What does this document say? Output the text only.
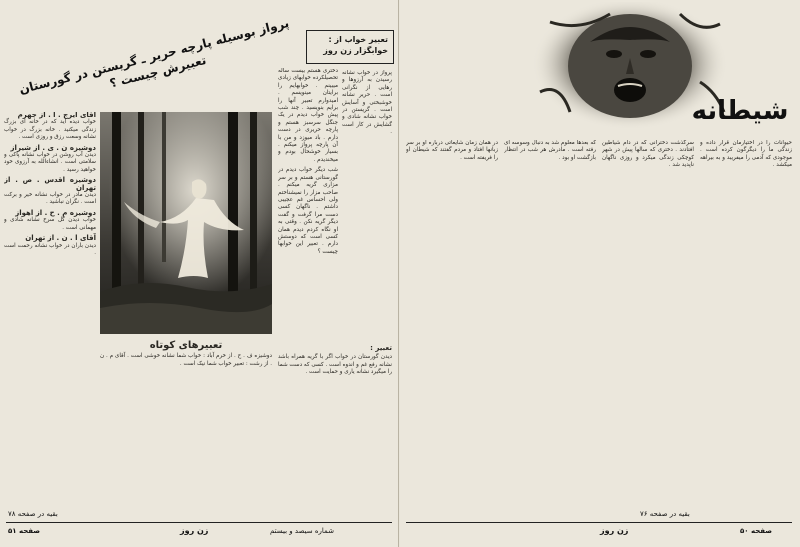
تعبیر خواب از :
خوابگزار زن روز
پرواز بوسیله پارچه حریر ـ گریستن در گورستان تعبیرش چیست ؟	دختری هستم بیست ساله تحصیلکرده خوابهای زیادی میبینم . خوابهایم را برایتان مینویسم . امیدوارم تعبیر آنها را برایم بنویسید . چند شب پیش خواب دیدم در یک جنگل سرسبز هستم و پارچه حریری در دست دارم . باد میوزد و من با آن پارچه پرواز میکنم . بسیار خوشحال بودم و میخندیدم .

شب دیگر خواب دیدم در گورستانی هستم و بر سر مزاری گریه میکنم . صاحب مزار را نمیشناختم ولی احساس غم عجیبی داشتم . ناگهان کسی دست مرا گرفت و گفت دیگر گریه نکن . وقتی به او نگاه کردم دیدم همان کسی است که دوستش دارم . تعبیر این خوابها چیست ؟

پرواز در خواب نشانه رسیدن به آرزوها و رهایی از نگرانی است . حریر نشانه خوشبختی و آسایش است . گریستن در خواب نشانه شادی و گشایش در کار است .

تعبیر :

دیدن گورستان در خواب اگر با گریه همراه باشد نشانه رفع غم و اندوه است . کسی که دست شما را میگیرد نشانه یاری و حمایت است .

آقای ایرج . ا . از جهرم

خواب دیده اید که در خانه ای بزرگ زندگی میکنید . خانه بزرگ در خواب نشانه وسعت رزق و روزی است .

دوشیزه ن . ی . از شیراز

دیدن آب روشن در خواب نشانه پاکی و سلامتی است . انشاءالله به آرزوی خود خواهید رسید .

دوشیزه اقدس . ص . از تهران

دیدن مادر در خواب نشانه خیر و برکت است . نگران نباشید .

دوشیزه م . ح . از اهواز

خواب دیدن گل سرخ نشانه شادی و مهمانی است .

آقای ا . ن . از تهران

دیدن باران در خواب نشانه رحمت است .

تعبیرهای کوتاه

دوشیزه ف . ح . از خرم آباد : خواب شما نشانه خوشی است . آقای م . ن . از رشت : تعبیر خواب شما نیک است .

بقیه در صفحه ۷۸
صفحه ۵۱	زن روز	شماره سیصد و بیستم
شیطانه

حیوانات را در اختیارمان قرار داده و زندگی ما را دیگرگون کرده است . موجودی که آدمی را میفریبد و به بیراهه میکشد .

سرگذشت دخترانی که در دام شیاطین افتادند . دختری که سالها پیش در شهر کوچکی زندگی میکرد و روزی ناگهان ناپدید شد .

که بعدها معلوم شد به دنبال وسوسه ای رفته است . مادرش هر شب در انتظار بازگشت او بود .

در همان زمان شایعاتی درباره او بر سر زبانها افتاد و مردم گفتند که شیطان او را فریفته است .

بقیه در صفحه ۷۶
زن روز	صفحه ۵۰
